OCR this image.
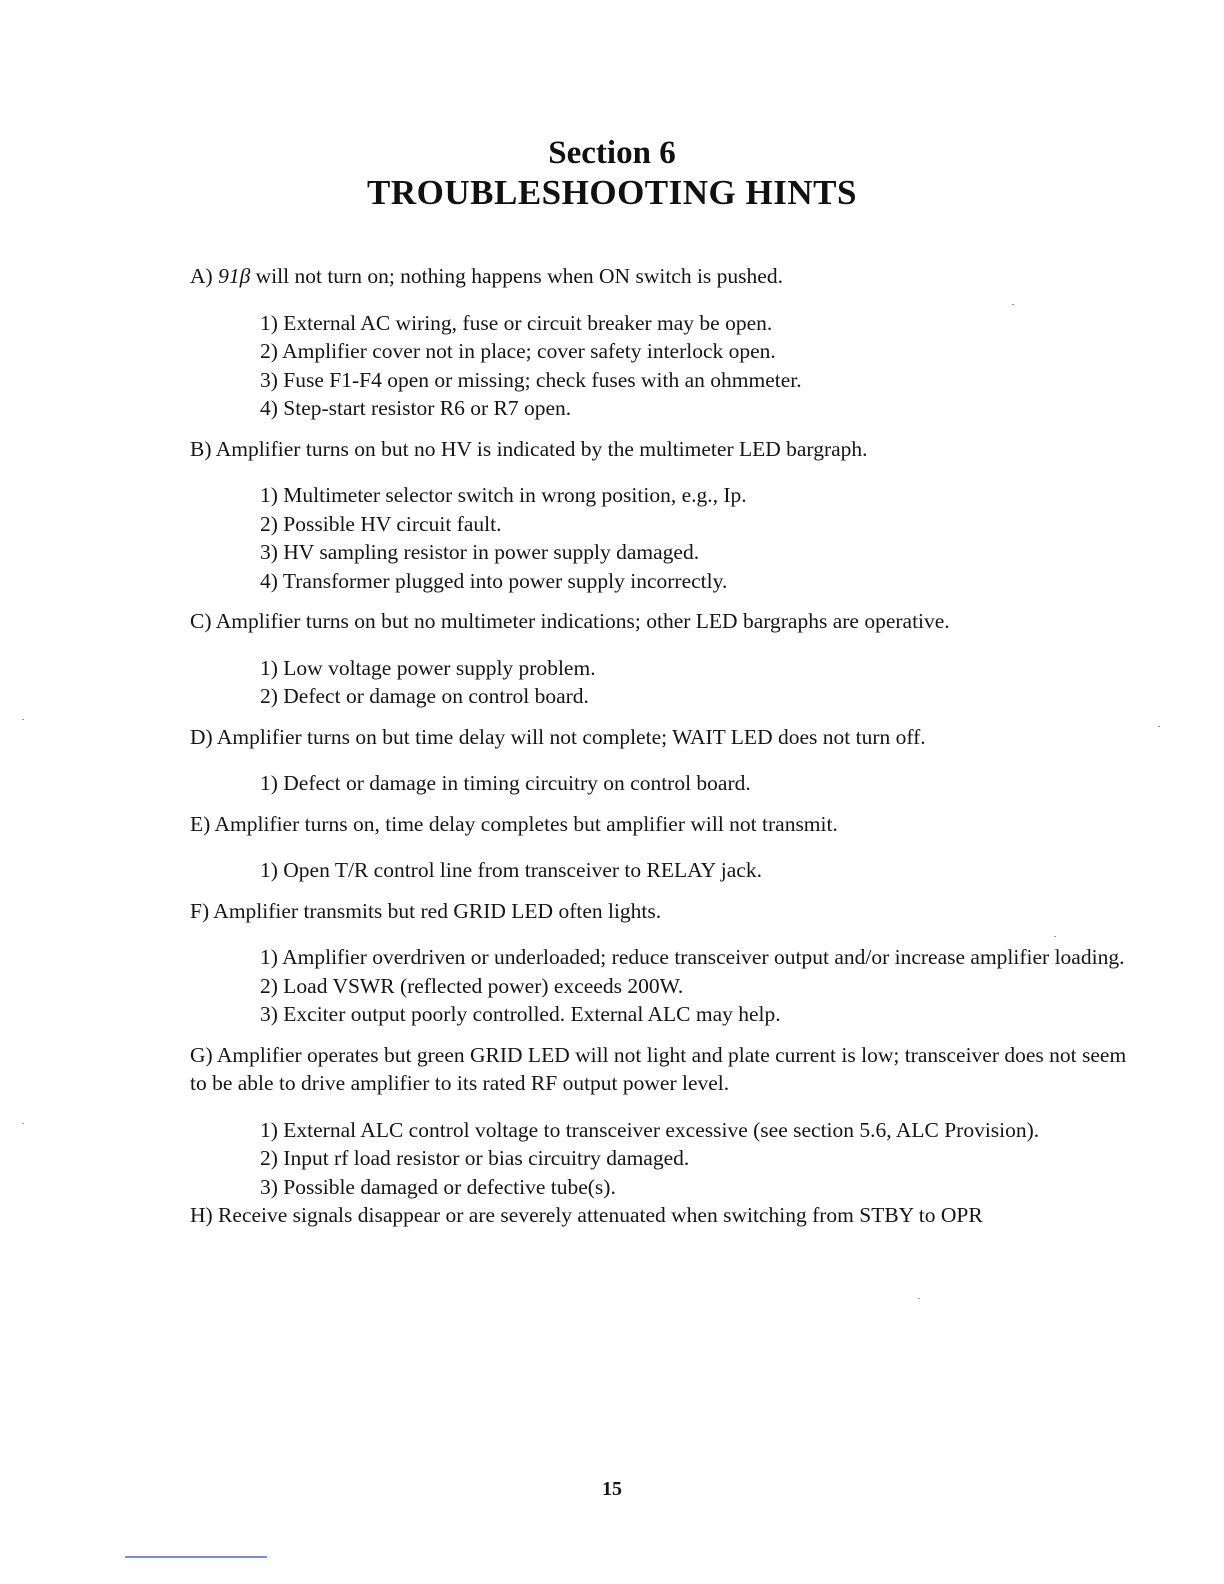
Section 6
TROUBLESHOOTING HINTS

A) 91β will not turn on; nothing happens when ON switch is pushed.

1) External AC wiring, fuse or circuit breaker may be open.

2) Amplifier cover not in place; cover safety interlock open.

3) Fuse F1-F4 open or missing; check fuses with an ohmmeter.

4) Step-start resistor R6 or R7 open.

B) Amplifier turns on but no HV is indicated by the multimeter LED bargraph.

1) Multimeter selector switch in wrong position, e.g., Ip.

2) Possible HV circuit fault.

3) HV sampling resistor in power supply damaged.

4) Transformer plugged into power supply incorrectly.

C) Amplifier turns on but no multimeter indications; other LED bargraphs are operative.

1) Low voltage power supply problem.

2) Defect or damage on control board.

D) Amplifier turns on but time delay will not complete; WAIT LED does not turn off.

1) Defect or damage in timing circuitry on control board.

E) Amplifier turns on, time delay completes but amplifier will not transmit.

1) Open T/R control line from transceiver to RELAY jack.

F) Amplifier transmits but red GRID LED often lights.

1) Amplifier overdriven or underloaded; reduce transceiver output and/or increase amplifier loading.

2) Load VSWR (reflected power) exceeds 200W.

3) Exciter output poorly controlled. External ALC may help.

G) Amplifier operates but green GRID LED will not light and plate current is low; transceiver does not seem to be able to drive amplifier to its rated RF output power level.

1) External ALC control voltage to transceiver excessive (see section 5.6, ALC Provision).

2) Input rf load resistor or bias circuitry damaged.

3) Possible damaged or defective tube(s).

H) Receive signals disappear or are severely attenuated when switching from STBY to OPR

15
